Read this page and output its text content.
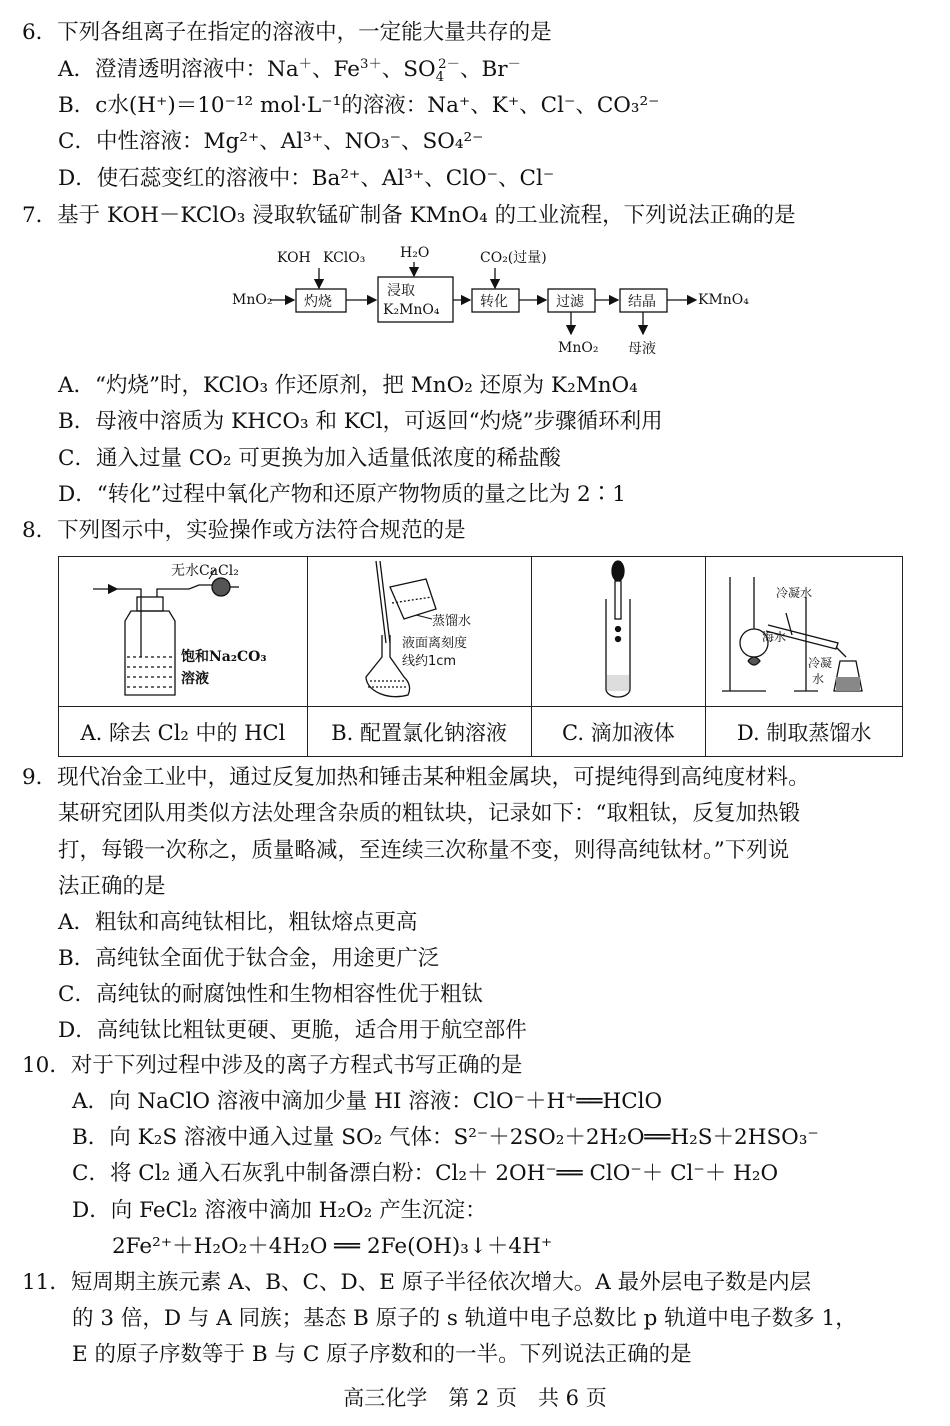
6．下列各组离子在指定的溶液中，一定能大量共存的是
A．澄清透明溶液中：Na＋、$Fe^{3+}$、$SO_4^{2-}$、Br－
B．c水(H⁺)＝10⁻¹² mol·L⁻¹的溶液：Na⁺、K⁺、Cl⁻、CO₃²⁻
C．中性溶液：Mg²⁺、Al³⁺、NO₃⁻、SO₄²⁻
D．使石蕊变红的溶液中：Ba²⁺、Al³⁺、ClO⁻、Cl⁻
7．基于 KOH－KClO₃ 浸取软锰矿制备 KMnO₄ 的工业流程，下列说法正确的是
MnO₂
KOH KClO₃
灼烧
H₂O
浸取
K₂MnO₄
CO₂(过量)
转化	过滤
MnO₂
结晶
母液
KMnO₄
A．“灼烧”时，KClO₃ 作还原剂，把 MnO₂ 还原为 K₂MnO₄
B．母液中溶质为 KHCO₃ 和 KCl，可返回“灼烧”步骤循环利用
C．通入过量 CO₂ 可更换为加入适量低浓度的稀盐酸
D．“转化”过程中氧化产物和还原产物物质的量之比为 2∶1
8．下列图示中，实验操作或方法符合规范的是
无水CaCl₂
饱和Na₂CO₃
溶液	蒸馏水
液面离刻度
线约1cm		冷凝水
海水
冷凝
水

A. 除去 Cl₂ 中的 HCl	B. 配置氯化钠溶液	C. 滴加液体	D. 制取蒸馏水
9．现代冶金工业中，通过反复加热和锤击某种粗金属块，可提纯得到高纯度材料。
某研究团队用类似方法处理含杂质的粗钛块，记录如下：“取粗钛，反复加热锻
打，每锻一次称之，质量略减，至连续三次称量不变，则得高纯钛材。”下列说
法正确的是
A．粗钛和高纯钛相比，粗钛熔点更高
B．高纯钛全面优于钛合金，用途更广泛
C．高纯钛的耐腐蚀性和生物相容性优于粗钛
D．高纯钛比粗钛更硬、更脆，适合用于航空部件
10．对于下列过程中涉及的离子方程式书写正确的是
A．向 NaClO 溶液中滴加少量 HI 溶液：ClO⁻＋H⁺══HClO
B．向 K₂S 溶液中通入过量 SO₂ 气体：S²⁻＋2SO₂＋2H₂O══H₂S＋2HSO₃⁻
C．将 Cl₂ 通入石灰乳中制备漂白粉：Cl₂＋ 2OH⁻══ ClO⁻＋ Cl⁻＋ H₂O
D．向 FeCl₂ 溶液中滴加 H₂O₂ 产生沉淀：
2Fe²⁺＋H₂O₂＋4H₂O ══ 2Fe(OH)₃↓＋4H⁺
11．短周期主族元素 A、B、C、D、E 原子半径依次增大。A 最外层电子数是内层
的 3 倍，D 与 A 同族；基态 B 原子的 s 轨道中电子总数比 p 轨道中电子数多 1，
E 的原子序数等于 B 与 C 原子序数和的一半。下列说法正确的是
高三化学　第 2 页　共 6 页
